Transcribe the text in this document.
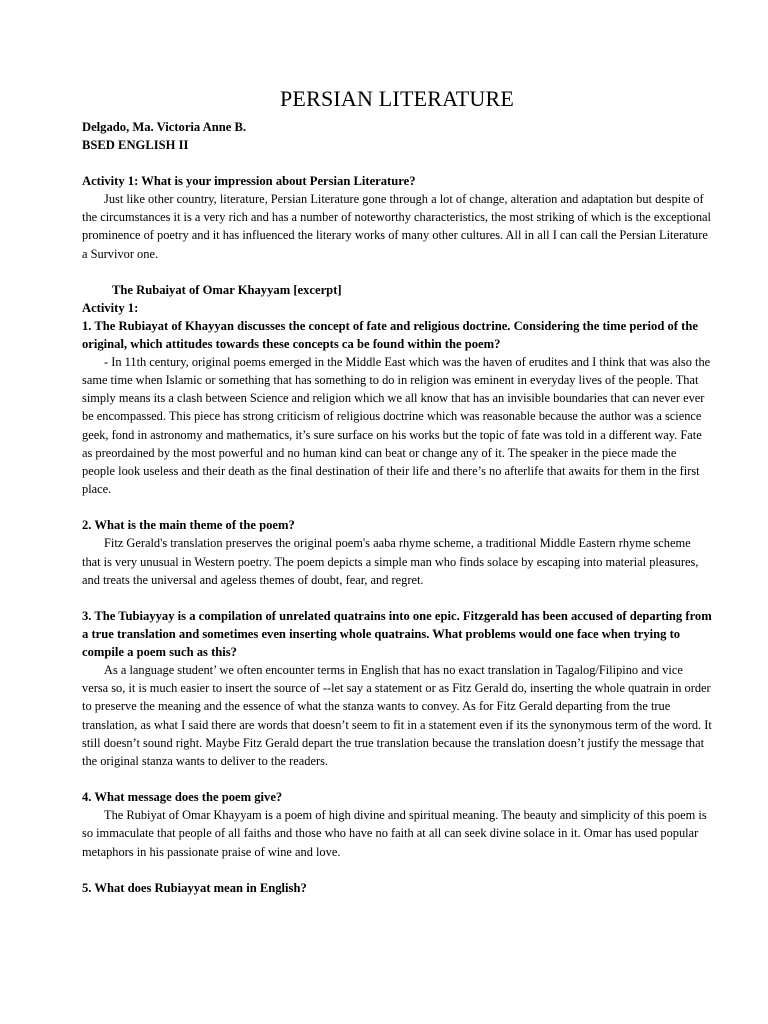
PERSIAN LITERATURE
Delgado, Ma. Victoria Anne B.
BSED ENGLISH II
Activity 1: What is your impression about Persian Literature?

Just like other country, literature, Persian Literature gone through a lot of change, alteration and adaptation but despite of the circumstances it is a very rich and has a number of noteworthy characteristics, the most striking of which is the exceptional prominence of poetry and it has influenced the literary works of many other cultures. All in all I can call the Persian Literature a Survivor one.

The Rubaiyat of Omar Khayyam [excerpt]
Activity 1:
1. The Rubiayat of Khayyan discusses the concept of fate and religious doctrine. Considering the time period of the original, which attitudes towards these concepts ca be found within the poem?

- In 11th century, original poems emerged in the Middle East which was the haven of erudites and I think that was also the same time when Islamic or something that has something to do in religion was eminent in everyday lives of the people. That simply means its a clash between Science and religion which we all know that has an invisible boundaries that can never ever be encompassed. This piece has strong criticism of religious doctrine which was reasonable because the author was a science geek, fond in astronomy and mathematics, it’s sure surface on his works but the topic of fate was told in a different way. Fate as preordained by the most powerful and no human kind can beat or change any of it. The speaker in the piece made the people look useless and their death as the final destination of their life and there’s no afterlife that awaits for them in the first place.

2. What is the main theme of the poem?

Fitz Gerald's translation preserves the original poem's aaba rhyme scheme, a traditional Middle Eastern rhyme scheme that is very unusual in Western poetry. The poem depicts a simple man who finds solace by escaping into material pleasures, and treats the universal and ageless themes of doubt, fear, and regret.

3. The Tubiayyay is a compilation of unrelated quatrains into one epic. Fitzgerald has been accused of departing from a true translation and sometimes even inserting whole quatrains. What problems would one face when trying to compile a poem such as this?

As a language student’ we often encounter terms in English that has no exact translation in Tagalog/Filipino and vice versa so, it is much easier to insert the source of --let say a statement or as Fitz Gerald do, inserting the whole quatrain in order to preserve the meaning and the essence of what the stanza wants to convey. As for Fitz Gerald departing from the true translation, as what I said there are words that doesn’t seem to fit in a statement even if its the synonymous term of the word. It still doesn’t sound right. Maybe Fitz Gerald depart the true translation because the translation doesn’t justify the message that the original stanza wants to deliver to the readers.

4. What message does the poem give?

The Rubiyat of Omar Khayyam is a poem of high divine and spiritual meaning. The beauty and simplicity of this poem is so immaculate that people of all faiths and those who have no faith at all can seek divine solace in it. Omar has used popular metaphors in his passionate praise of wine and love.

5. What does Rubiayyat mean in English?
